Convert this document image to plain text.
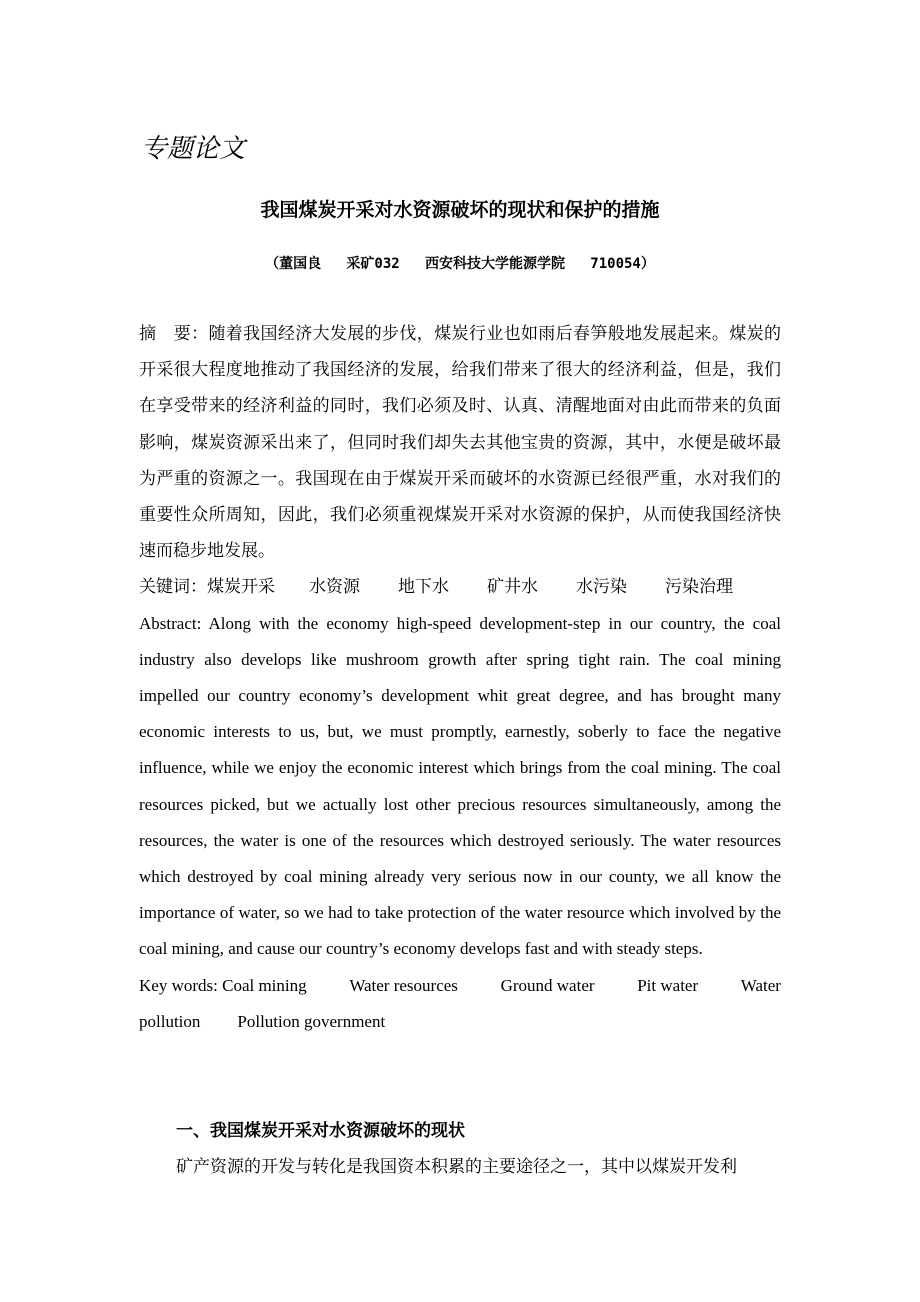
专题论文
我国煤炭开采对水资源破坏的现状和保护的措施
（董国良   采矿032   西安科技大学能源学院   710054）

摘　要：随着我国经济大发展的步伐，煤炭行业也如雨后春笋般地发展起来。煤炭的开采很大程度地推动了我国经济的发展，给我们带来了很大的经济利益，但是，我们在享受带来的经济利益的同时，我们必须及时、认真、清醒地面对由此而带来的负面影响，煤炭资源采出来了，但同时我们却失去其他宝贵的资源，其中，水便是破坏最为严重的资源之一。我国现在由于煤炭开采而破坏的水资源已经很严重，水对我们的重要性众所周知，因此，我们必须重视煤炭开采对水资源的保护，从而使我国经济快速而稳步地发展。

关键词：煤炭开采 水资源 地下水 矿井水 水污染 污染治理

Abstract: Along with the economy high-speed development-step in our country, the coal industry also develops like mushroom growth after spring tight rain. The coal mining impelled our country economy’s development whit great degree, and has brought many economic interests to us, but, we must promptly, earnestly, soberly to face the negative influence, while we enjoy the economic interest which brings from the coal mining. The coal resources picked, but we actually lost other precious resources simultaneously, among the resources, the water is one of the resources which destroyed seriously. The water resources which destroyed by coal mining already very serious now in our county, we all know the importance of water, so we had to take protection of the water resource which involved by the coal mining, and cause our country’s economy develops fast and with steady steps.

Key words: Coal mining	Water resources	Ground water	Pit water	Water
pollution Pollution government
一、我国煤炭开采对水资源破坏的现状

矿产资源的开发与转化是我国资本积累的主要途径之一，其中以煤炭开发利
